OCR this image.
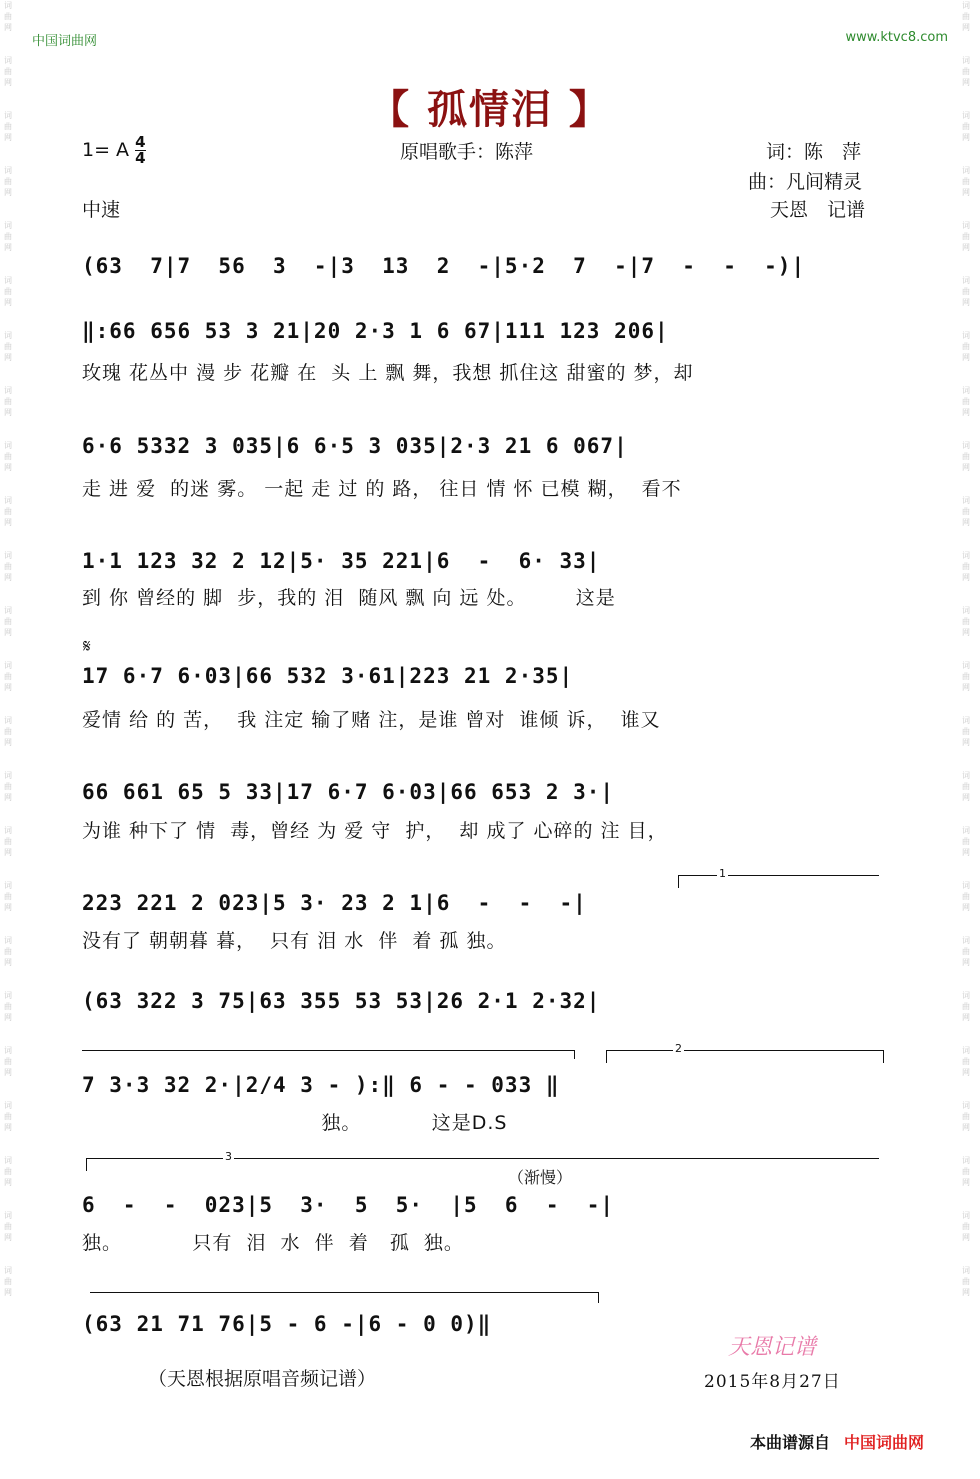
词曲网
词曲网
词曲网
词曲网
词曲网
词曲网
词曲网
词曲网
词曲网
词曲网
词曲网
词曲网
词曲网
词曲网
词曲网
词曲网
词曲网
词曲网
词曲网
词曲网
词曲网
词曲网
词曲网
词曲网
词曲网
词曲网
词曲网
词曲网
词曲网
词曲网
词曲网
词曲网
词曲网
词曲网
词曲网
词曲网
词曲网
词曲网
词曲网
词曲网
词曲网
词曲网
词曲网
词曲网
词曲网
词曲网
词曲网
词曲网
中国词曲网	www.ktvc8.com
【 孤情泪 】
1= A $\frac{4}{4}$	原唱歌手：陈萍	词：陈　萍
曲：凡间精灵
中速	天恩　记谱
(63  7|7  56  3  -|3  13  2  -|5·2  7  -|7  -  -  -)|
‖:66 656 53 3 21|20 2·3 1 6 67|111 123 206|
玫瑰 花丛中 漫 步 花瓣 在  头 上 飘 舞，我想 抓住这 甜蜜的 梦，却
6·6 5332 3 035|6 6·5 3 035|2·3 21 6 067|
走 进 爱  的迷 雾。 一起 走 过 的 路， 往日 情 怀 已模 糊，  看不
1·1 123 32 2 12|5· 35 221|6  -  6· 33|
到 你 曾经的 脚  步，我的 泪  随风 飘 向 远 处。       这是
𝄋
17 6·7 6·03|66 532 3·61|223 21 2·35|
爱情 给 的 苦，  我 注定 输了赌 注，是谁 曾对  谁倾 诉，  谁又
66 661 65 5 33|17 6·7 6·03|66 653 2 3·|
为谁 种下了 情  毒，曾经 为 爱 守  护，  却 成了 心碎的 注 目，
1
223 221 2 023|5 3· 23 2 1|6  -  -  -|
没有了 朝朝暮 暮，  只有 泪 水  伴  着 孤 独。
(63 322 3 75|63 355 53 53|26 2·1 2·32|
2
7 3·3 32 2·|2/4 3 - ):‖ 6 - - 033 ‖
独。          这是D.S
3
（渐慢）
6  -  -  023|5  3·  5  5·  |5  6  -  -|
独。          只有  泪  水  伴  着   孤  独。
(63 21 71 76|5 - 6 -|6 - 0 0)‖
天恩记谱
（天恩根据原唱音频记谱）	2015年8月27日
本曲谱源自 中国词曲网
